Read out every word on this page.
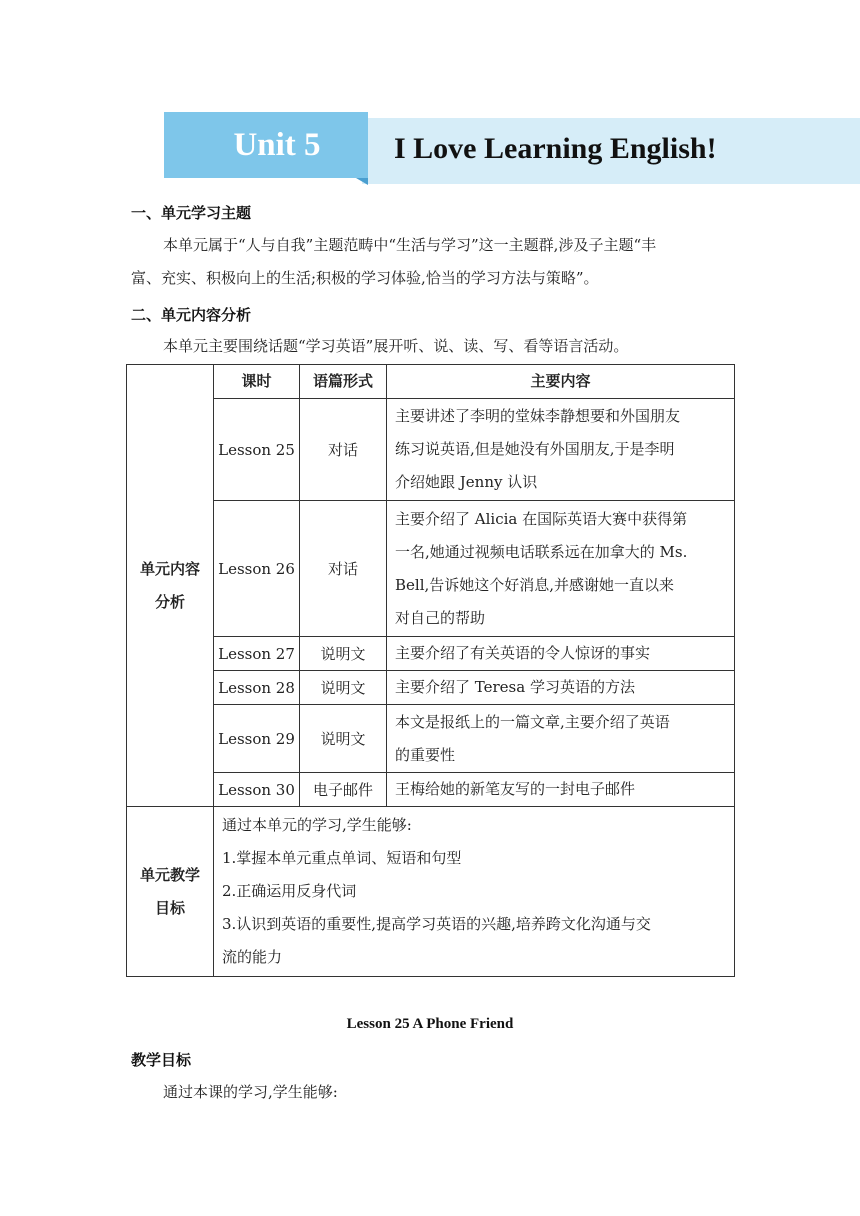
Unit 5 I Love Learning English!
一、单元学习主题
本单元属于“人与自我”主题范畴中“生活与学习”这一主题群,涉及子主题“丰
富、充实、积极向上的生活;积极的学习体验,恰当的学习方法与策略”。
二、单元内容分析
本单元主要围绕话题“学习英语”展开听、说、读、写、看等语言活动。
单元内容
分析	课时	语篇形式	主要内容
	Lesson 25	对话	主要讲述了李明的堂妹李静想要和外国朋友
练习说英语,但是她没有外国朋友,于是李明
介绍她跟 Jenny 认识

	Lesson 26	对话	主要介绍了 Alicia 在国际英语大赛中获得第
一名,她通过视频电话联系远在加拿大的 Ms.
Bell,告诉她这个好消息,并感谢她一直以来
对自己的帮助

	Lesson 27	说明文	主要介绍了有关英语的令人惊讶的事实

	Lesson 28	说明文	主要介绍了 Teresa 学习英语的方法

	Lesson 29	说明文	本文是报纸上的一篇文章,主要介绍了英语
的重要性

	Lesson 30	电子邮件	王梅给她的新笔友写的一封电子邮件

单元教学
目标	通过本单元的学习,学生能够:
1.掌握本单元重点单词、短语和句型
2.正确运用反身代词
3.认识到英语的重要性,提高学习英语的兴趣,培养跨文化沟通与交
流的能力		
Lesson 25 A Phone Friend
教学目标
通过本课的学习,学生能够:
